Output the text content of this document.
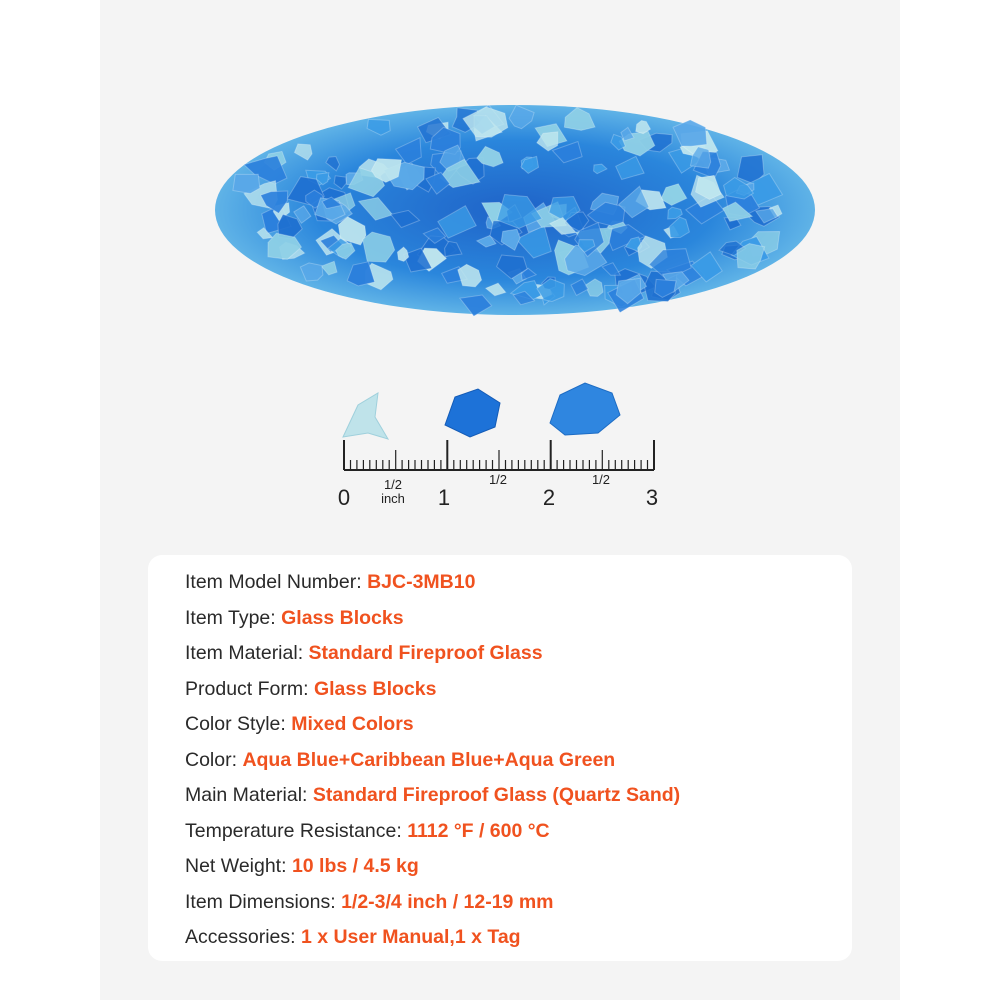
0	1	2	3
1/2
inch
1/2	1/2
Item Model Number: BJC-3MB10
Item Type: Glass Blocks
Item Material: Standard Fireproof Glass
Product Form: Glass Blocks
Color Style: Mixed Colors
Color: Aqua Blue+Caribbean Blue+Aqua Green
Main Material: Standard Fireproof Glass (Quartz Sand)
Temperature Resistance: 1112 °F / 600 °C
Net Weight: 10 lbs / 4.5 kg
Item Dimensions: 1/2-3/4 inch / 12-19 mm
Accessories: 1 x User Manual,1 x Tag
